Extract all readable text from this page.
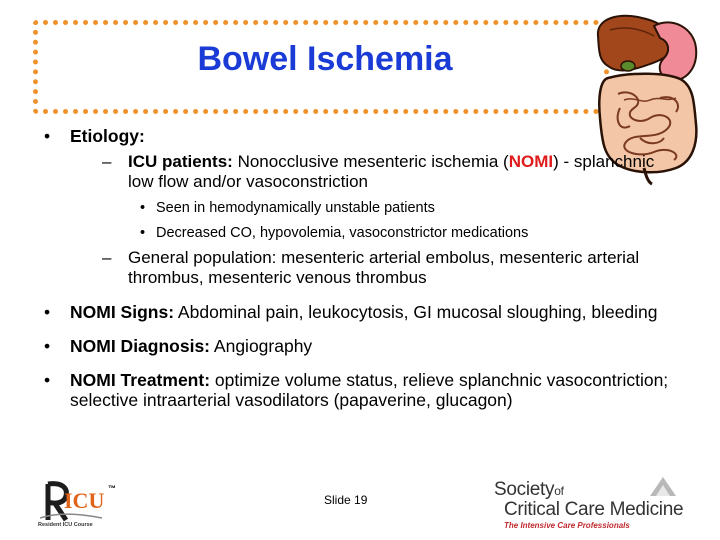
Bowel Ischemia
• Etiology:
– ICU patients: Nonocclusive mesenteric ischemia (NOMI) - splanchnic low flow and/or vasoconstriction
• Seen in hemodynamically unstable patients
• Decreased CO, hypovolemia, vasoconstrictor medications
– General population: mesenteric arterial embolus, mesenteric arterial thrombus, mesenteric venous thrombus
• NOMI Signs: Abdominal pain, leukocytosis, GI mucosal sloughing, bleeding
• NOMI Diagnosis: Angiography
• NOMI Treatment: optimize volume status, relieve splanchnic vasocontriction; selective intraarterial vasodilators (papaverine, glucagon)
ICU
Resident ICU Course
™
Slide 19	Societyof
Critical Care Medicine
The Intensive Care Professionals
